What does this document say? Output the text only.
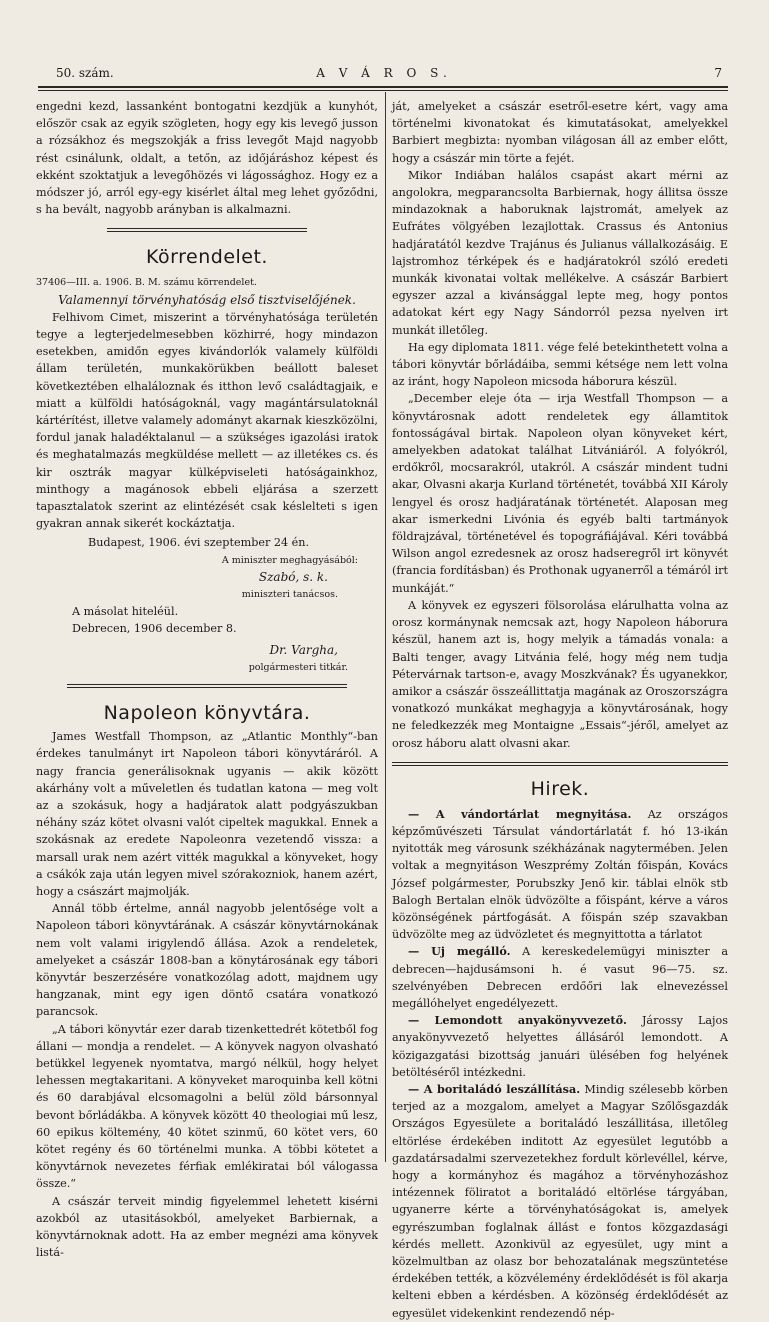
50. szám.	A V Á R O S.	7

engedni kezd, lassanként bontogatni kezdjük a kunyhót, először csak az egyik szögleten, hogy egy kis levegő jusson a rózsákhoz és megszokják a friss levegőt Majd nagyobb rést csinálunk, oldalt, a tetőn, az időjáráshoz képest és ekként szoktatjuk a levegőhözés vi lágossághoz. Hogy ez a módszer jó, arról egy-egy kisérlet által meg lehet győződni, s ha bevált, nagyobb arányban is alkalmazni.

Körrendelet.

37406—III. a. 1906. B. M. számu körrendelet.

Valamennyi törvényhatóság első tisztviselőjének.

Felhivom Cimet, miszerint a törvényhatósága területén tegye a legterjedelmesebben közhirré, hogy mindazon esetekben, amidőn egyes kivándorlók valamely külföldi állam területén, munkakörükben beállott baleset következtében elhaláloznak és itthon levő családtagjaik, e miatt a külföldi hatóságoknál, vagy magántársulatoknál kártérítést, illetve valamely adományt akarnak kieszközölni, fordul janak haladéktalanul — a szükséges igazolási iratok és meghatalmazás megküldése mellett — az illetékes cs. és kir osztrák magyar külképviseleti hatóságainkhoz, minthogy a magánosok ebbeli eljárása a szerzett tapasztalatok szerint az elintézését csak késlelteti s igen gyakran annak sikerét kockáztatja.

Budapest, 1906. évi szeptember 24 én.

A miniszter meghagyásából:

Szabó, s. k.

miniszteri tanácsos.

A másolat hiteléül.

Debrecen, 1906 december 8.

Dr. Vargha,

polgármesteri titkár.

Napoleon könyvtára.

James Westfall Thompson, az „Atlantic Monthly“-ban érdekes tanulmányt irt Napoleon tábori könyvtáráról. A nagy francia generálisoknak ugyanis — akik között akárhány volt a műveletlen és tudatlan katona — meg volt az a szokásuk, hogy a hadjáratok alatt podgyászukban néhány száz kötet olvasni valót cipeltek magukkal. Ennek a szokásnak az eredete Napoleonra vezetendő vissza: a marsall urak nem azért vitték magukkal a könyveket, hogy a csákók zaja után legyen mivel szórakozniok, hanem azért, hogy a császárt majmolják.

Annál több értelme, annál nagyobb jelentősége volt a Napoleon tábori könyvtárának. A császár könyvtárnokának nem volt valami irigylendő állása. Azok a rendeletek, amelyeket a császár 1808-ban a könytárosának egy tábori könyvtár beszerzésére vonatkozólag adott, majdnem ugy hangzanak, mint egy igen döntő csatára vonatkozó parancsok.

„A tábori könyvtár ezer darab tizenkettedrét kötetből fog állani — mondja a rendelet. — A könyvek nagyon olvasható betükkel legyenek nyomtatva, margó nélkül, hogy helyet lehessen megtakaritani. A könyveket maroquinba kell kötni és 60 darabjával elcsomagolni a belül zöld bársonnyal bevont bőrládákba. A könyvek között 40 theologiai mű lesz, 60 epikus költemény, 40 kötet szinmű, 60 kötet vers, 60 kötet regény és 60 történelmi munka. A többi kötetet a könyvtárnok nevezetes férfiak emlékiratai ból válogassa össze.“

A császár terveit mindig figyelemmel lehetett kisérni azokból az utasitásokból, amelyeket Barbiernak, a könyvtárnoknak adott. Ha az ember megnézi ama könyvek listá-

ját, amelyeket a császár esetről-esetre kért, vagy ama történelmi kivonatokat és kimutatásokat, amelyekkel Barbiert megbizta: nyomban világosan áll az ember előtt, hogy a császár min törte a fejét.

Mikor Indiában halálos csapást akart mérni az angolokra, megparancsolta Barbiernak, hogy állitsa össze mindazoknak a haboruknak lajstromát, amelyek az Eufrátes völgyében lezajlottak. Crassus és Antonius hadjáratától kezdve Trajánus és Julianus vállalkozásáig. E lajstromhoz térképek és e hadjáratokról szóló eredeti munkák kivonatai voltak mellékelve. A császár Barbiert egyszer azzal a kivánsággal lepte meg, hogy pontos adatokat kért egy Nagy Sándorról pezsa nyelven irt munkát illetőleg.

Ha egy diplomata 1811. vége felé betekinthetett volna a tábori könyvtár bőrládáiba, semmi kétsége nem lett volna az iránt, hogy Napoleon micsoda háborura készül.

„December eleje óta — irja Westfall Thompson — a könyvtárosnak adott rendeletek egy államtitok fontosságával birtak. Napoleon olyan könyveket kért, amelyekben adatokat találhat Litvániáról. A folyókról, erdőkről, mocsarakról, utakról. A császár mindent tudni akar, Olvasni akarja Kurland történetét, továbbá XII Károly lengyel és orosz hadjáratának történetét. Alaposan meg akar ismerkedni Livónia és egyéb balti tartmányok földrajzával, történetével és topográfiájával. Kéri továbbá Wilson angol ezredesnek az orosz hadseregről irt könyvét (francia fordításban) és Prothonak ugyanerről a témáról irt munkáját.“

A könyvek ez egyszeri fölsorolása elárulhatta volna az orosz kormánynak nemcsak azt, hogy Napoleon háborura készül, hanem azt is, hogy melyik a támadás vonala: a Balti tenger, avagy Litvánia felé, hogy még nem tudja Pétervárnak tartson-e, avagy Moszkvának? És ugyanekkor, amikor a császár összeállittatja magának az Oroszországra vonatkozó munkákat meghagyja a könyvtárosának, hogy ne feledkezzék meg Montaigne „Essais“-jéről, amelyet az orosz háboru alatt olvasni akar.

Hirek.

— A vándortárlat megnyitása. Az országos képzőművészeti Társulat vándortárlatát f. hó 13-ikán nyitották meg városunk székházának nagytermében. Jelen voltak a megnyitáson Weszprémy Zoltán főispán, Kovács József polgármester, Porubszky Jenő kir. táblai elnök stb Balogh Bertalan elnök üdvözölte a főispánt, kérve a város közönségének pártfogását. A főispán szép szavakban üdvözölte meg az üdvözletet és megnyittotta a tárlatot

— Uj megálló. A kereskedelemügyi miniszter a debrecen—hajdusámsoni h. é vasut 96—75. sz. szelvényében Debrecen erdőőri lak elnevezéssel megállóhelyet engedélyezett.

— Lemondott anyakönyvvezető. Járossy Lajos anyakönyvvezető helyettes állásáról lemondott. A közigazgatási bizottság januári ülésében fog helyének betöltéséről intézkedni.

— A boritaládó leszállítása. Mindig szélesebb körben terjed az a mozgalom, amelyet a Magyar Szőlősgazdák Országos Egyesülete a boritaládó leszállitása, illetőleg eltörlése érdekében inditott Az egyesület legutóbb a gazdatársadalmi szervezetekhez fordult körlevéllel, kérve, hogy a kormányhoz és magához a törvényhozáshoz intézennek föliratot a boritaládó eltörlése tárgyában, ugyanerre kérte a törvényhatóságokat is, amelyek egyrészumban foglalnak állást e fontos közgazdasági kérdés mellett. Azonkivül az egyesület, ugy mint a közelmultban az olasz bor behozatalának megszüntetése érdekében tették, a közvélemény érdeklődését is föl akarja kelteni ebben a kérdésben. A közönség érdeklődését az egyesület videkenkint rendezendő nép-
